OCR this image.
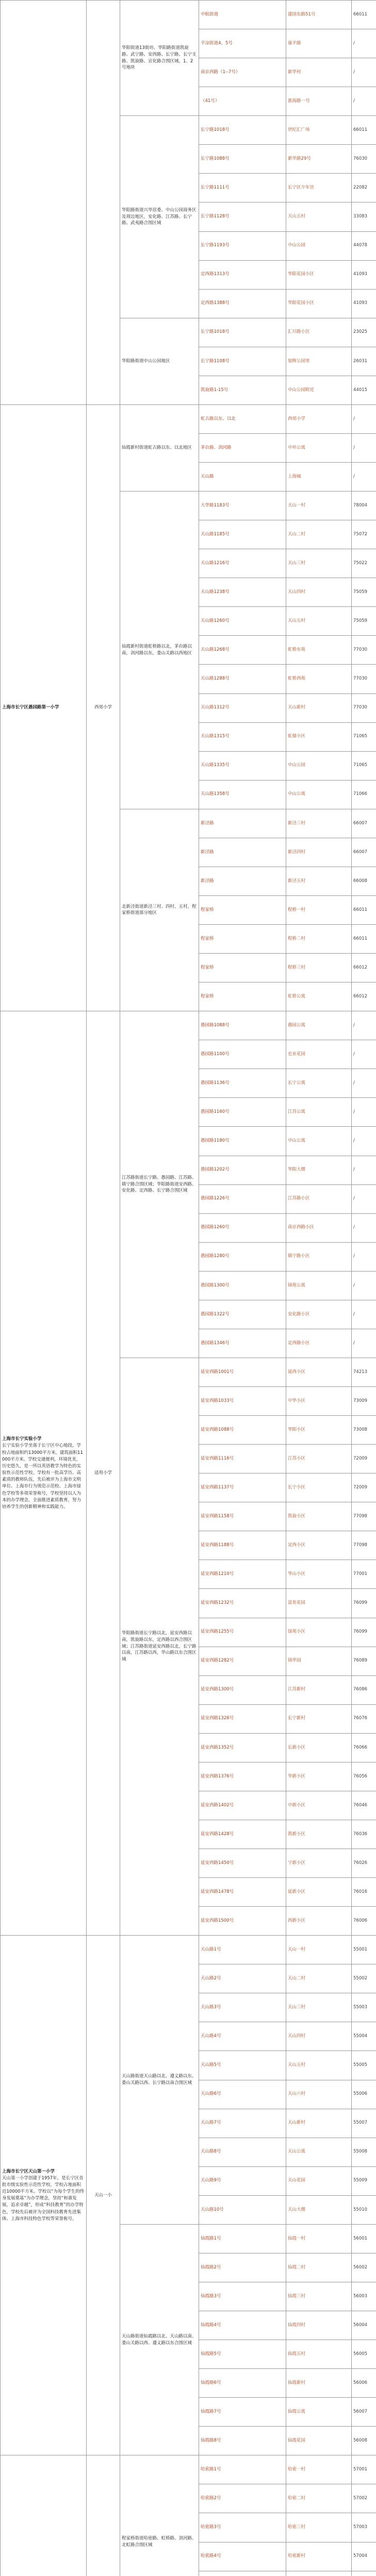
		华阳街道13街坊、华阳路街道凯旋路、武宁路、安西路、长宁路、长宁支路、凯旋路、宣化路合围区域，1、2号地块	中航街道	建国东路51号	66011
			平凉街道4、5号	康平路	/
			南京西路（1--7号）	新华村	/
			（41号）	淮海路一号	/
		华阳路街道兴华居委、中山公园商务区及周边地区，安化路、江苏路、长宁路、武夷路合围区域	长宁路1018号	世纪汇广场	66011
			长宁路1088号	新华路29号	76030
			长宁路1111号	长宁区少年宫	22082
			长宁路1128号	天山五村	33083
			长宁路1193号	中山公园	44078
			定西路1313号	华阳花园小区	41093
			定西路1388号	华阳花园小区	41093
		华阳路街道中山公园地区	长宁路1018号	汇川路小区	23025
			长宁路1108号	旭辉公园里	26031
			凯旋路1-15号	中山公园附近	44015

上海市长宁区愚园路第一小学	西郊小学	仙霞新村街道虹古路以东、以北地区	虹古路以东、以北	西郊小学	/
			茅台路、剑河路	中环公寓	/
			天山路	上海城	/
		仙霞新村街道虹桥路以北，茅台路以南，剑河路以东，娄山关路以西地区	大华路1183号	天山一村	78004
			天山路1185号	天山二村	75072
			天山路1216号	天山三村	75022
			天山路1238号	天山四村	75059
			天山路1260号	天山五村	75059
			天山路1268号	虹桥东苑	77030
			天山路1288号	虹桥西苑	77030
			天山路1312号	天山新村	77030
			天山路1315号	虹储小区	71065
			天山路1335号	中山公园	71065
			天山路1358号	中山公寓	71066
		北新泾街道新泾三村、四村、五村，程家桥街道部分地区	新泾路	新泾三村	66007
			新泾路	新泾四村	66007
			新泾路	新泾五村	66008
			程家桥	程桥一村	66011
			程家桥	程桥二村	66011
			程家桥	程桥三村	66012
			程家桥	虹桥公寓	66012

上海市长宁实验小学
长宁实验小学坐落于长宁区中心地段，学校占地面积约13000平方米，建筑面积11000平方米。学校交通便利，环境优美，历史悠久，是一所以英语教学为特色的实验性示范性学校。学校有一批高学历、高素质的教师队伍，先后被评为上海市文明单位、上海市行为规范示范校、上海市绿色学校等多项荣誉称号，学校坚持以人为本的办学理念，全面推进素质教育，努力培养学生的创新精神和实践能力。	适用小学	江苏路街道长宁路、愚园路、江苏路、镇宁路合围区域；华阳路街道安西路、安化路、定西路、长宁路合围区域	愚园路1088号	愚园公寓	/
			愚园路1100号	宏业花园	/
			愚园路1136号	长宁公寓	/
			愚园路1160号	江苏公寓	/
			愚园路1180号	中山公寓	/
			愚园路1202号	华阳大楼	/
			愚园路1226号	江苏路小区	/
			愚园路1260号	南京西路小区	/
			愚园路1280号	镇宁路小区	/
			愚园路1300号	锦苑公寓	/
			愚园路1322号	安化路小区	/
			愚园路1346号	定西路小区	/
		华阳路街道长宁路以北，延安西路以南，凯旋路以东，定西路以西合围区域；江苏路街道延安西路以北，长宁路以南，江苏路以西，华山路以东合围区域	延安西路1001号	延西小区	74213
			延安西路1033号	中华小区	73009
			延安西路1088号	华阳小区	73008
			延安西路1116号	江苏小区	72009
			延安西路1137号	长宁小区	72009
			延安西路1158号	凯旋小区	77098
			延安西路1188号	定西小区	77098
			延安西路1210号	华山小区	77001
			延安西路1232号	富贵花园	76099
			延安西路1255号	绿苑小区	76099
			延安西路1282号	锦华园	76089
			延安西路1300号	江苏新村	76086
			延安西路1326号	长宁新村	76076
			延安西路1352号	长新小区	76066
			延安西路1376号	华新小区	76056
			延安西路1402号	中新小区	76046
			延安西路1428号	凯新小区	76036
			延安西路1450号	宁新小区	76026
			延安西路1478号	延新小区	76016
			延安西路1500号	西新小区	76006

上海市长宁区天山第一小学
天山第一小学创建于1957年，是长宁区首批市级实验性示范性学校，学校占地面积近10000平方米。学校以“为每个学生的终身发展奠基”为办学理念，坚持“和谐发展，追求卓越”，形成“科技教育”的办学特色，学校先后被评为全国科技教育先进集体、上海市科技特色学校等荣誉称号。	天山一小	天山路街道天山路以北、遵义路以东、娄山关路以西、长宁路以南合围区域	天山路1号	天山一村	55001
			天山路2号	天山二村	55002
			天山路3号	天山三村	55003
			天山路4号	天山四村	55004
			天山路5号	天山五村	55005
			天山路6号	天山六村	55006
			天山路7号	天山新村	55007
			天山路8号	天山公寓	55008
			天山路9号	天山花园	55009
			天山路10号	天山大楼	55010
		天山路街道仙霞路以北、天山路以南、娄山关路以西、遵义路以东合围区域	仙霞路1号	仙霞一村	56001
			仙霞路2号	仙霞二村	56002
			仙霞路3号	仙霞三村	56003
			仙霞路4号	仙霞四村	56004
			仙霞路5号	仙霞五村	56005
			仙霞路6号	仙霞新村	56006
			仙霞路7号	仙霞公寓	56007
			仙霞路8号	仙霞花园	56008

		程家桥街道哈密路、虹桥路、剑河路、北虹路合围区域	哈密路1号	哈密一村	57001
			哈密路2号	哈密二村	57002
			哈密路3号	哈密三村	57003
			哈密路4号	哈密新村	57004
